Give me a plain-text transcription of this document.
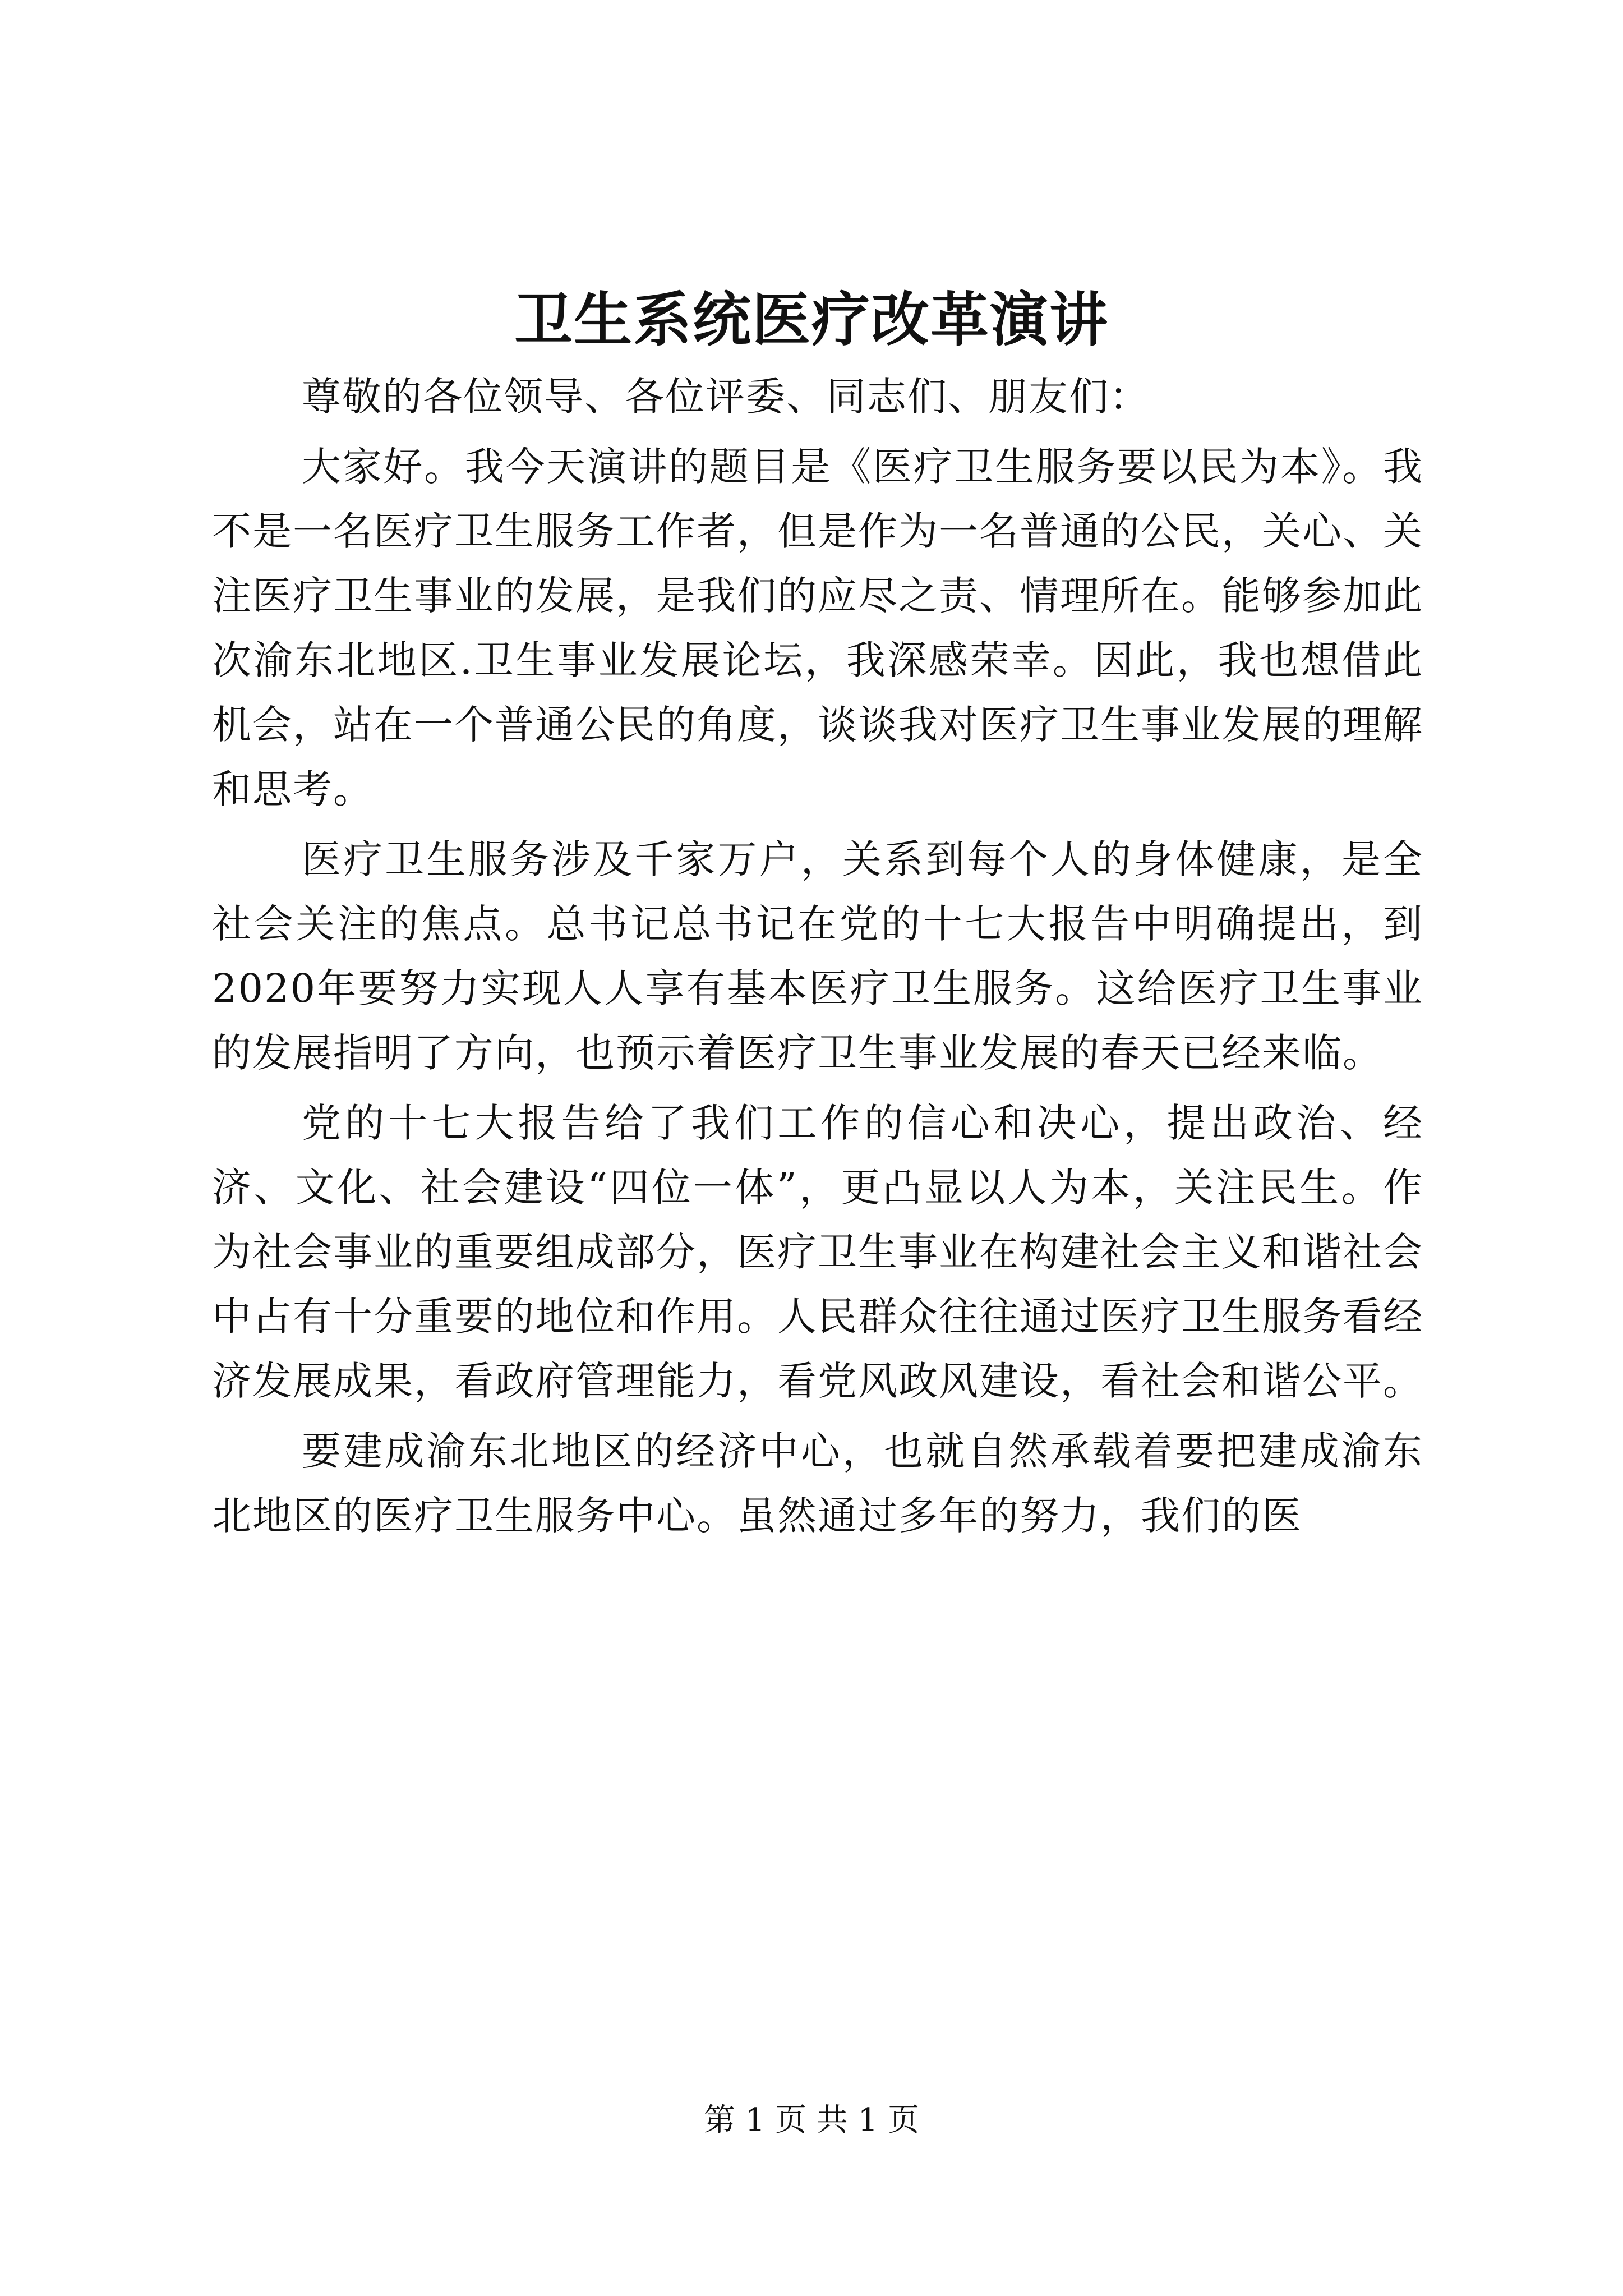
卫生系统医疗改革演讲

尊敬的各位领导、各位评委、同志们、朋友们：

大家好。我今天演讲的题目是《医疗卫生服务要以民为本》。我不是一名医疗卫生服务工作者，但是作为一名普通的公民，关心、关注医疗卫生事业的发展，是我们的应尽之责、情理所在。能够参加此次渝东北地区.卫生事业发展论坛，我深感荣幸。因此，我也想借此机会，站在一个普通公民的角度，谈谈我对医疗卫生事业发展的理解和思考。

医疗卫生服务涉及千家万户，关系到每个人的身体健康，是全社会关注的焦点。总书记总书记在党的十七大报告中明确提出，到2020年要努力实现人人享有基本医疗卫生服务。这给医疗卫生事业的发展指明了方向，也预示着医疗卫生事业发展的春天已经来临。

党的十七大报告给了我们工作的信心和决心，提出政治、经济、文化、社会建设“四位一体”，更凸显以人为本，关注民生。作为社会事业的重要组成部分，医疗卫生事业在构建社会主义和谐社会中占有十分重要的地位和作用。人民群众往往通过医疗卫生服务看经济发展成果，看政府管理能力，看党风政风建设，看社会和谐公平。

要建成渝东北地区的经济中心，也就自然承载着要把建成渝东北地区的医疗卫生服务中心。虽然通过多年的努力，我们的医

第 1 页 共 1 页
